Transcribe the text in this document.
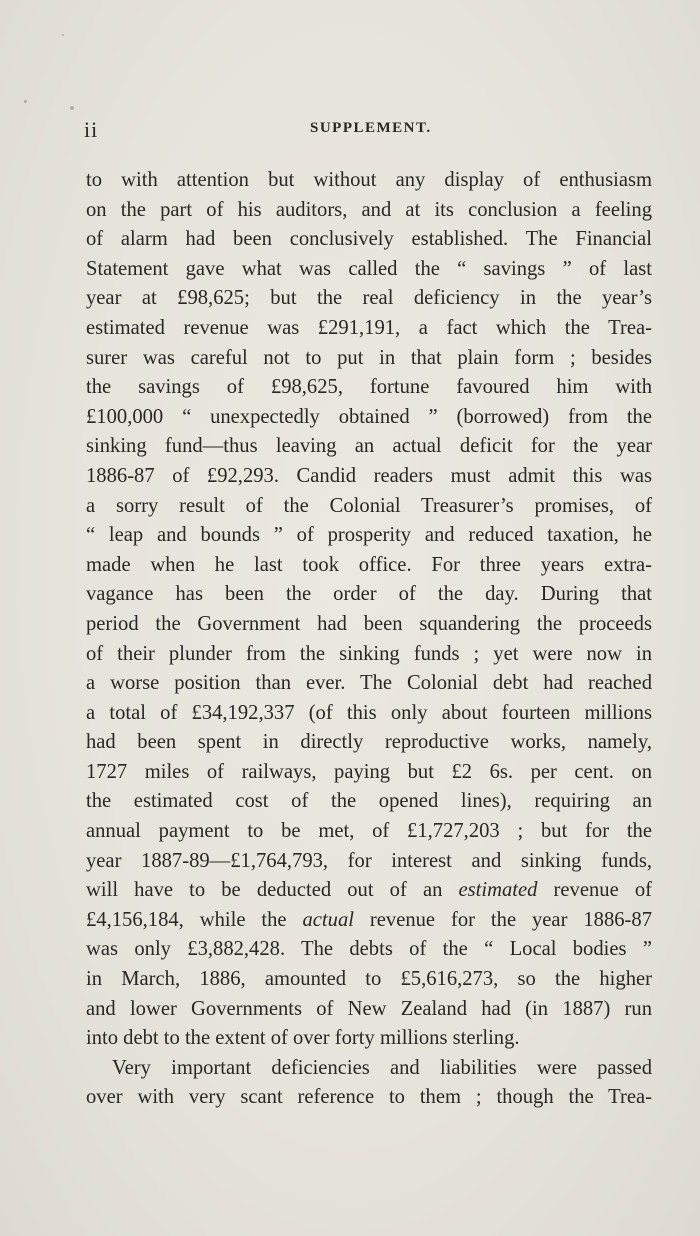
ii	SUPPLEMENT.
to with attention but without any display of enthusiasm
on the part of his auditors, and at its conclusion a feeling
of alarm had been conclusively established. The Financial
Statement gave what was called the “ savings ” of last
year at £98,625; but the real deficiency in the year’s
estimated revenue was £291,191, a fact which the Trea-
surer was careful not to put in that plain form ; besides
the savings of £98,625, fortune favoured him with
£100,000 “ unexpectedly obtained ” (borrowed) from the
sinking fund—thus leaving an actual deficit for the year
1886-87 of £92,293. Candid readers must admit this was
a sorry result of the Colonial Treasurer’s promises, of
“ leap and bounds ” of prosperity and reduced taxation, he
made when he last took office. For three years extra-
vagance has been the order of the day. During that
period the Government had been squandering the proceeds
of their plunder from the sinking funds ; yet were now in
a worse position than ever. The Colonial debt had reached
a total of £34,192,337 (of this only about fourteen millions
had been spent in directly reproductive works, namely,
1727 miles of railways, paying but £2 6s. per cent. on
the estimated cost of the opened lines), requiring an
annual payment to be met, of £1,727,203 ; but for the
year 1887-89—£1,764,793, for interest and sinking funds,
will have to be deducted out of an estimated revenue of
£4,156,184, while the actual revenue for the year 1886-87
was only £3,882,428. The debts of the “ Local bodies ”
in March, 1886, amounted to £5,616,273, so the higher
and lower Governments of New Zealand had (in 1887) run
into debt to the extent of over forty millions sterling.
Very important deficiencies and liabilities were passed
over with very scant reference to them ; though the Trea-
